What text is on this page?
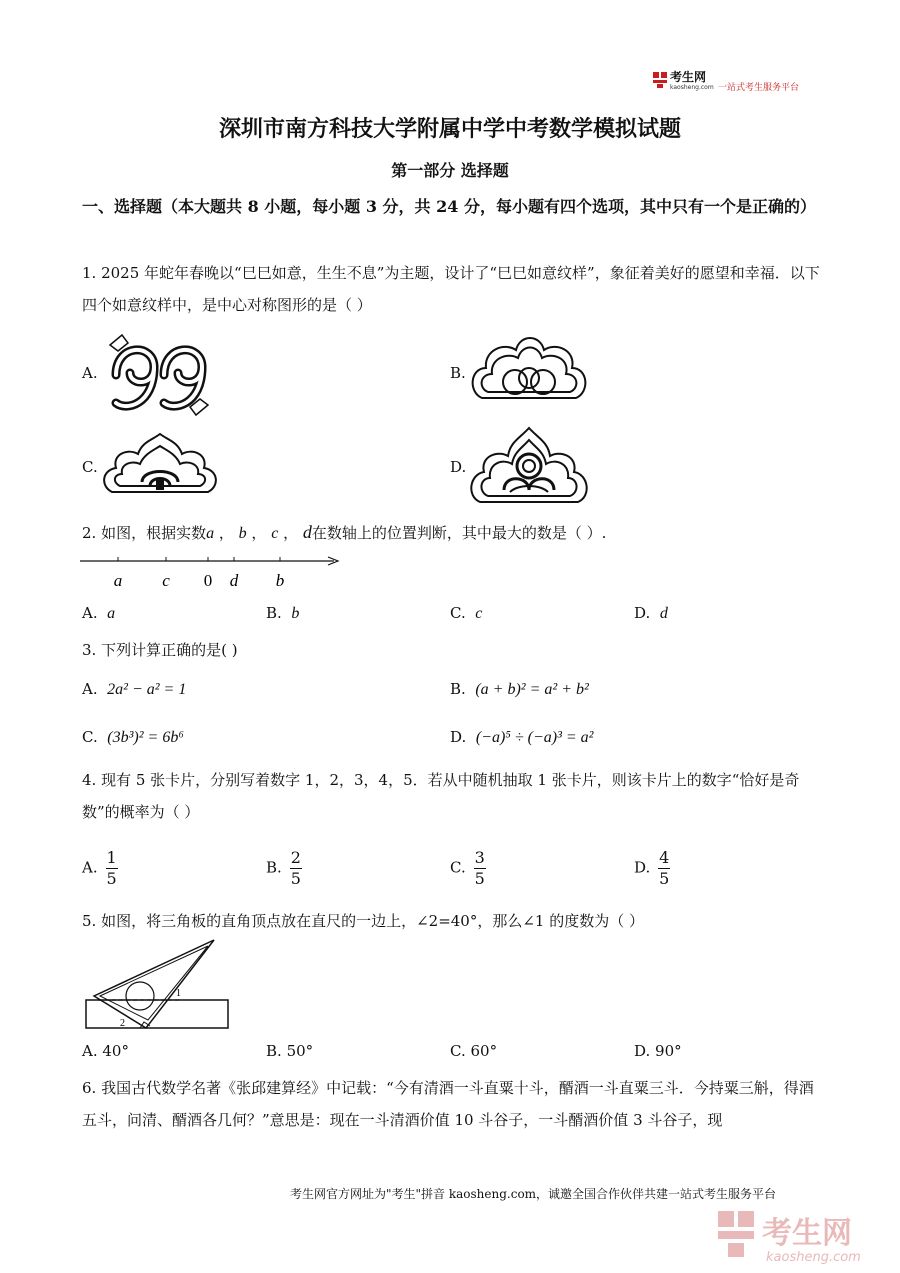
考生网
kaosheng.com 一站式考生服务平台
深圳市南方科技大学附属中学中考数学模拟试题
第一部分 选择题
一、选择题（本大题共 8 小题，每小题 3 分，共 24 分，每小题有四个选项，其中只有一个是正确的）
1. 2025 年蛇年春晚以“巳巳如意，生生不息”为主题，设计了“巳巳如意纹样”，象征着美好的愿望和幸福．以下四个如意纹样中，是中心对称图形的是（ ）
A.	B.
C.	D.
2. 如图，根据实数a ， b ， c ， d在数轴上的位置判断，其中最大的数是（ ）.
a c 0 d b
A. a	B. b	C. c	D. d
3. 下列计算正确的是( )
A. 2a² − a² = 1	B. (a + b)² = a² + b²
C. (3b³)² = 6b⁶	D. (−a)⁵ ÷ (−a)³ = a²
4. 现有 5 张卡片，分别写着数字 1，2，3，4，5．若从中随机抽取 1 张卡片，则该卡片上的数字“恰好是奇数”的概率为（ ）
A. $\frac{1}{5}$	B. $\frac{2}{5}$	C. $\frac{3}{5}$	D. $\frac{4}{5}$
5. 如图，将三角板的直角顶点放在直尺的一边上，∠2=40°，那么∠1 的度数为（ ）
1
2
A. 40°	B. 50°	C. 60°	D. 90°
6. 我国古代数学名著《张邱建算经》中记载：“今有清酒一斗直粟十斗，醑酒一斗直粟三斗．今持粟三斛，得酒五斗，问清、醑酒各几何？”意思是：现在一斗清酒价值 10 斗谷子，一斗醑酒价值 3 斗谷子，现
考生网官方网址为"考生"拼音 kaosheng.com，诚邀全国合作伙伴共建一站式考生服务平台
考生网
kaosheng.com
